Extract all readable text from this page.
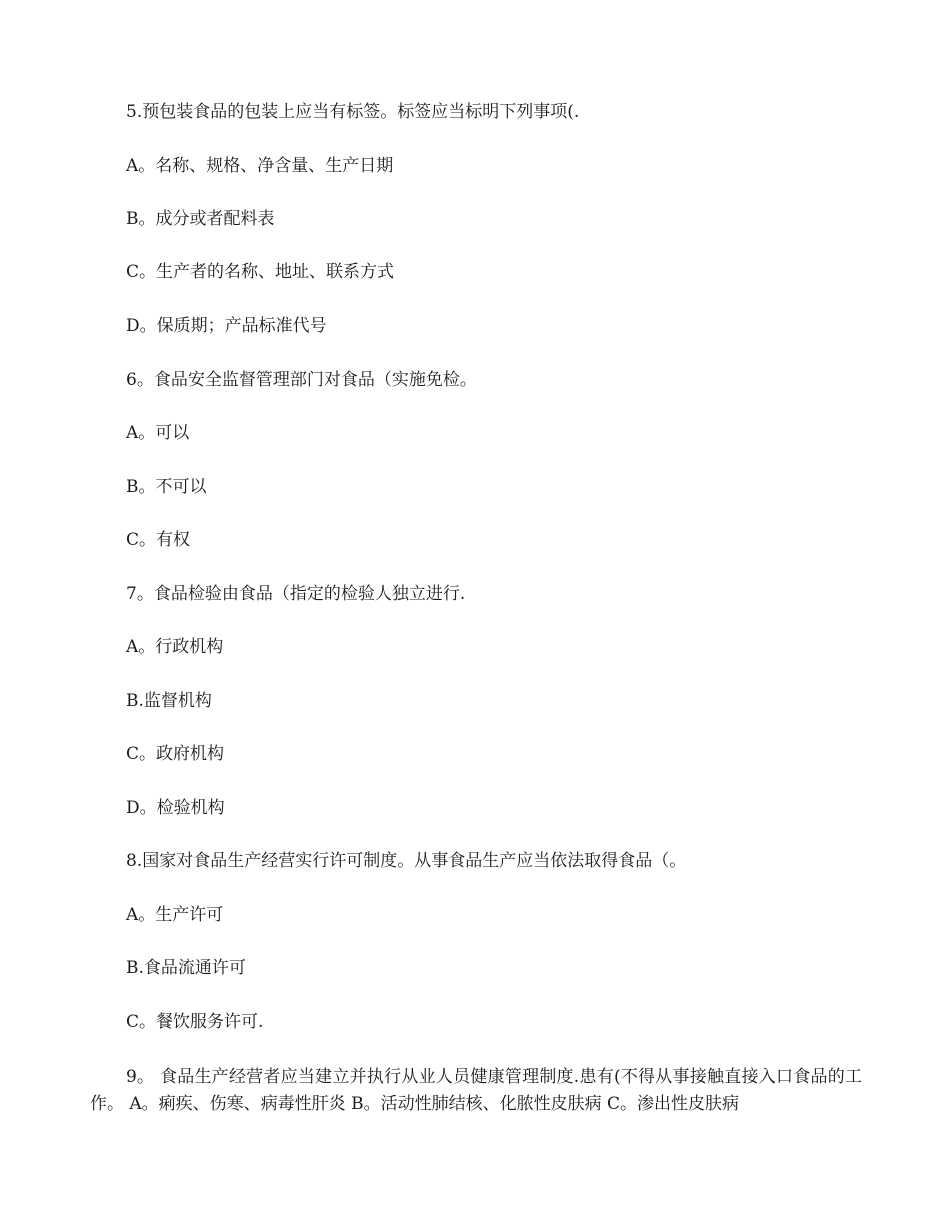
5.预包装食品的包装上应当有标签。标签应当标明下列事项(.
A。名称、规格、净含量、生产日期
B。成分或者配料表
C。生产者的名称、地址、联系方式
D。保质期；产品标准代号
6。食品安全监督管理部门对食品（实施免检。
A。可以
B。不可以
C。有权
7。食品检验由食品（指定的检验人独立进行.
A。行政机构
B.监督机构
C。政府机构
D。检验机构
8.国家对食品生产经营实行许可制度。从事食品生产应当依法取得食品（。
A。生产许可
B.食品流通许可
C。餐饮服务许可.
9。 食品生产经营者应当建立并执行从业人员健康管理制度.患有(不得从事接触直接入口食品的工作。 A。痢疾、伤寒、病毒性肝炎 B。活动性肺结核、化脓性皮肤病 C。渗出性皮肤病
